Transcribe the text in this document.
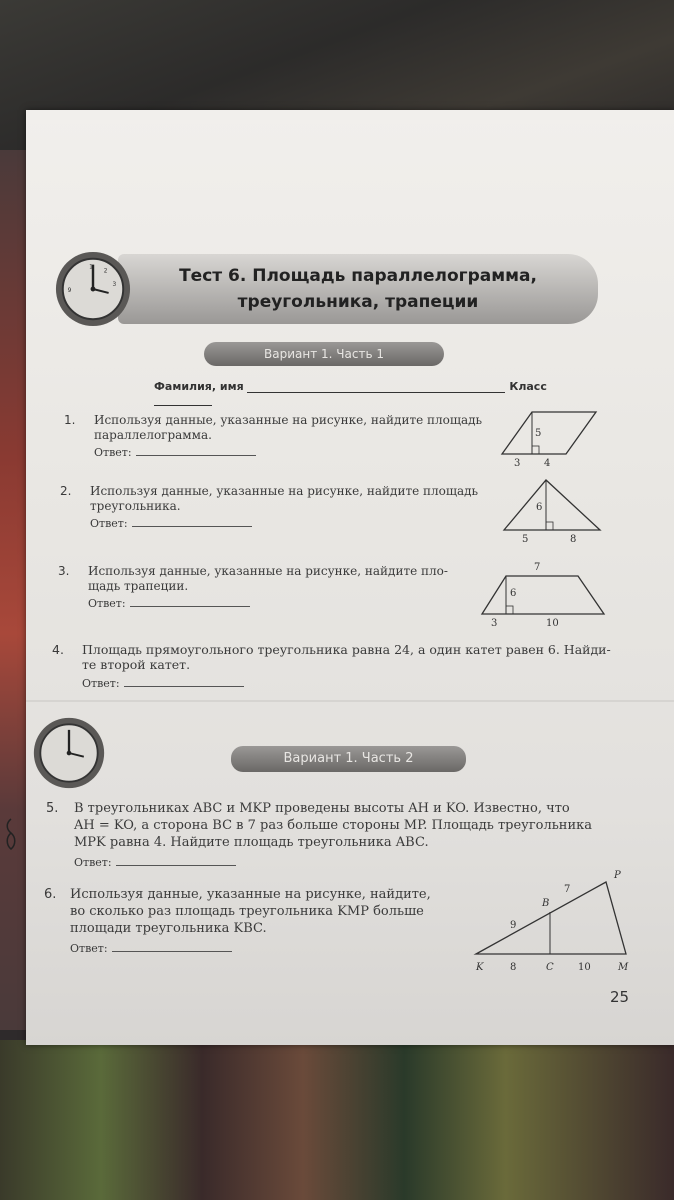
Тест 6. Площадь параллелограмма,
треугольника, трапеции
1
2
3
9
Вариант 1. Часть 1
Фамилия, имя	Класс
1. Используя данные, указанные на рисунке, найдите площадь
параллелограмма.
Ответ:
5
3 4
2. Используя данные, указанные на рисунке, найдите площадь
треугольника.
Ответ:
6
5	8
3. Используя данные, указанные на рисунке, найдите пло-
щадь трапеции.
Ответ:
7
6
3	10
4. Площадь прямоугольного треугольника равна 24, а один катет равен 6. Найди-
те второй катет.
Ответ:
Вариант 1. Часть 2
5. В треугольниках ABC и MKP проведены высоты AH и KO. Известно, что
AH = KO, а сторона BC в 7 раз больше стороны MP. Площадь треугольника
MPK равна 4. Найдите площадь треугольника ABC.
Ответ:
6. Используя данные, указанные на рисунке, найдите,
во сколько раз площадь треугольника KMP больше
площади треугольника KBC.
Ответ:
P
B
K	C	M
7
9
8	10
25
